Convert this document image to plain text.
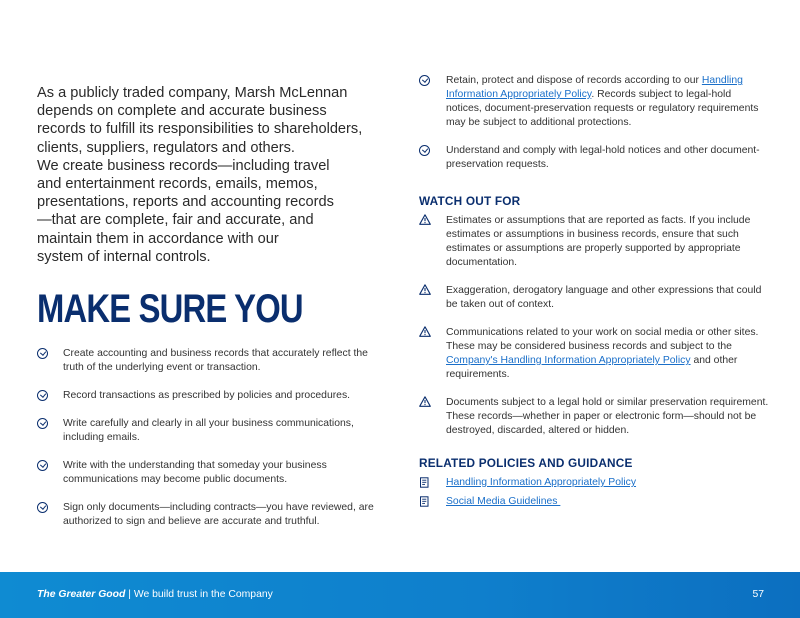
As a publicly traded company, Marsh McLennan

depends on complete and accurate business

records to fulfill its responsibilities to shareholders,

clients, suppliers, regulators and others.

We create business records—including travel

and entertainment records, emails, memos,

presentations, reports and accounting records

—that are complete, fair and accurate, and

maintain them in accordance with our

system of internal controls.

MAKE SURE YOU
Create accounting and business records that accurately reflect the truth of the underlying event or transaction.
Record transactions as prescribed by policies and procedures.
Write carefully and clearly in all your business communications, including emails.
Write with the understanding that someday your business communications may become public documents.
Sign only documents—including contracts—you have reviewed, are authorized to sign and believe are accurate and truthful.
Retain, protect and dispose of records according to our Handling Information Appropriately Policy. Records subject to legal-hold notices, document-preservation requests or regulatory requirements may be subject to additional protections.
Understand and comply with legal-hold notices and other document-preservation requests.
WATCH OUT FOR
Estimates or assumptions that are reported as facts. If you include estimates or assumptions in business records, ensure that such estimates or assumptions are properly supported by appropriate documentation.
Exaggeration, derogatory language and other expressions that could be taken out of context.
Communications related to your work on social media or other sites. These may be considered business records and subject to the Company's Handling Information Appropriately Policy and other requirements.
Documents subject to a legal hold or similar preservation requirement. These records—whether in paper or electronic form—should not be destroyed, discarded, altered or hidden.
RELATED POLICIES AND GUIDANCE
Handling Information Appropriately Policy
Social Media Guidelines
The Greater Good | We build trust in the Company	57
